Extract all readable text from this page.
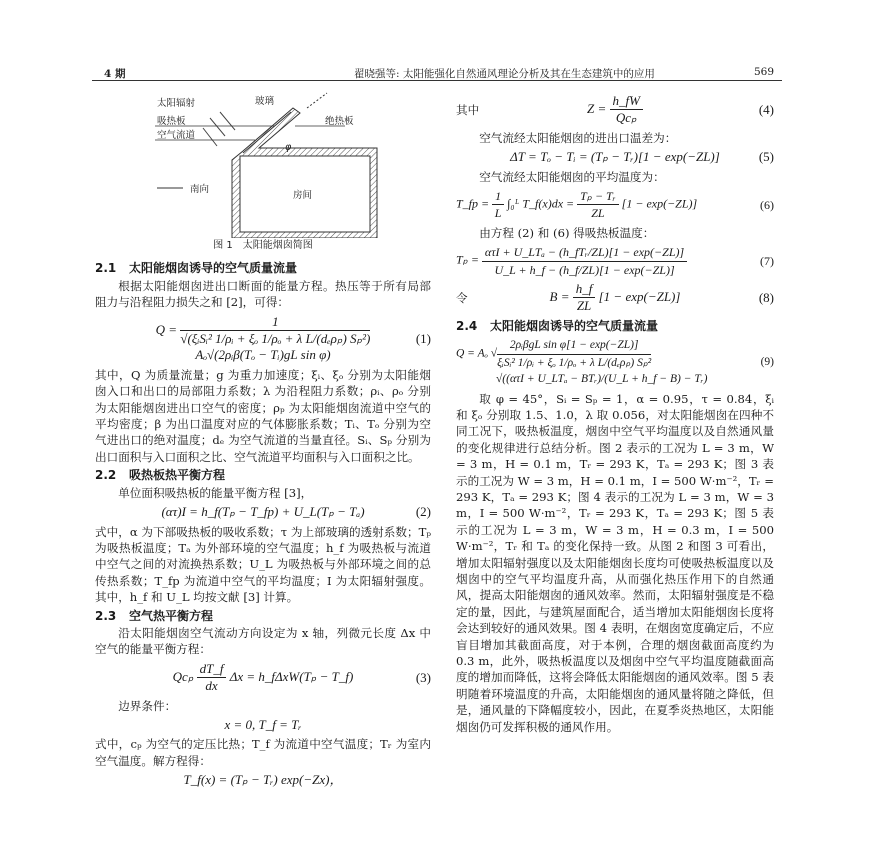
4 期	翟晓强等: 太阳能强化自然通风理论分析及其在生态建筑中的应用	569
太阳辐射	玻璃
吸热板	绝热板
空气流道
南向
房间
φ
图 1　太阳能烟囱简图
2.1 太阳能烟囱诱导的空气质量流量

根据太阳能烟囱进出口断面的能量方程。热压等于所有局部阻力与沿程阻力损失之和 [2]，可得：

$Q = \frac{1}{\text{√(ξᵢSᵢ² 1/ρᵢ + ξₒ 1/ρₒ + λ L/(dₑρₚ) Sₚ²)}}$
Aₒ√(2ρᵢβ(Tₒ − Tᵢ)gL sin φ)
(1)

其中，Q 为质量流量；g 为重力加速度；ξᵢ、ξₒ 分别为太阳能烟囱入口和出口的局部阻力系数；λ 为沿程阻力系数；ρᵢ、ρₒ 分别为太阳能烟囱进出口空气的密度；ρₚ 为太阳能烟囱流道中空气的平均密度；β 为出口温度对应的气体膨胀系数；Tᵢ、Tₒ 分别为空气进出口的绝对温度；dₑ 为空气流道的当量直径。Sᵢ、Sₚ 分别为出口面积与入口面积之比、空气流道平均面积与入口面积之比。

2.2 吸热板热平衡方程

单位面积吸热板的能量平衡方程 [3]，

(ατ)I = h_f(Tₚ − T_fp) + U_L(Tₚ − Tₐ)	(2)

式中，α 为下部吸热板的吸收系数；τ 为上部玻璃的透射系数；Tₚ 为吸热板温度；Tₐ 为外部环境的空气温度；h_f 为吸热板与流道中空气之间的对流换热系数；U_L 为吸热板与外部环境之间的总传热系数；T_fp 为流道中空气的平均温度；I 为太阳辐射强度。其中，h_f 和 U_L 均按文献 [3] 计算。

2.3 空气热平衡方程

沿太阳能烟囱空气流动方向设定为 x 轴，列微元长度 Δx 中空气的能量平衡方程：

Qcₚ $\frac{dT\_f}{dx}$ Δx = h_fΔxW(Tₚ − T_f)	(3)

边界条件：

x = 0, T_f = Tᵣ

式中，cₚ 为空气的定压比热；T_f 为流道中空气温度；Tᵣ 为室内空气温度。解方程得：

T_f(x) = (Tₚ − Tᵣ) exp(−Zx)，
其中	$Z = \frac{h\_fW}{\text{Qcₚ}}$	(4)

空气流经太阳能烟囱的进出口温差为：

ΔT = Tₒ − Tᵢ = (Tₚ − Tᵣ)[1 − exp(−ZL)]	(5)

空气流经太阳能烟囱的平均温度为：

T_fp = $\frac{1}{L}$ ∫₀ᴸ T_f(x)dx = $\frac{\text{Tₚ − Tᵣ}}{ZL} [1 - \exp(-ZL)]$	(6)

由方程 (2) 和 (6) 得吸热板温度：

$T_p = \frac{\text{ατI + U\_LTₐ − (h\_fTᵣ/ZL)[1 − exp(−ZL)]}}{U\_L + h\_f - (h\_f/ZL)[1 - \exp(-ZL)]}$	(7)
令	$B = \frac{h\_f}{ZL} [1 - \exp(-ZL)]$	(8)
2.4 太阳能烟囱诱导的空气质量流量
Q = Aₒ √ $\frac{\text{2ρᵢβgL sin φ[1 − exp(−ZL)]}}{\text{ξᵢSᵢ² 1/ρᵢ + ξₒ 1/ρₒ + λ L/(dₑρₚ) Sₚ²}}$
√((ατI + U_LTₐ − BTᵣ)/(U_L + h_f − B) − Tᵣ)
(9)

取 φ = 45°，Sᵢ = Sₚ = 1，α = 0.95，τ = 0.84，ξᵢ 和 ξₒ 分别取 1.5、1.0，λ 取 0.056，对太阳能烟囱在四种不同工况下，吸热板温度，烟囱中空气平均温度以及自然通风量的变化规律进行总结分析。图 2 表示的工况为 L = 3 m，W = 3 m，H = 0.1 m，Tᵣ = 293 K，Tₐ = 293 K；图 3 表示的工况为 W = 3 m，H = 0.1 m，I = 500 W·m⁻²，Tᵣ = 293 K，Tₐ = 293 K；图 4 表示的工况为 L = 3 m，W = 3 m，I = 500 W·m⁻²，Tᵣ = 293 K，Tₐ = 293 K；图 5 表示的工况为 L = 3 m，W = 3 m，H = 0.3 m，I = 500 W·m⁻²，Tᵣ 和 Tₐ 的变化保持一致。从图 2 和图 3 可看出，增加太阳辐射强度以及太阳能烟囱长度均可使吸热板温度以及烟囱中的空气平均温度升高，从而强化热压作用下的自然通风，提高太阳能烟囱的通风效率。然而，太阳辐射强度是不稳定的量，因此，与建筑屋面配合，适当增加太阳能烟囱长度将会达到较好的通风效果。图 4 表明，在烟囱宽度确定后，不应盲目增加其截面高度，对于本例，合理的烟囱截面高度约为 0.3 m，此外，吸热板温度以及烟囱中空气平均温度随截面高度的增加而降低，这将会降低太阳能烟囱的通风效率。图 5 表明随着环境温度的升高，太阳能烟囱的通风量将随之降低，但是，通风量的下降幅度较小，因此，在夏季炎热地区，太阳能烟囱仍可发挥积极的通风作用。
